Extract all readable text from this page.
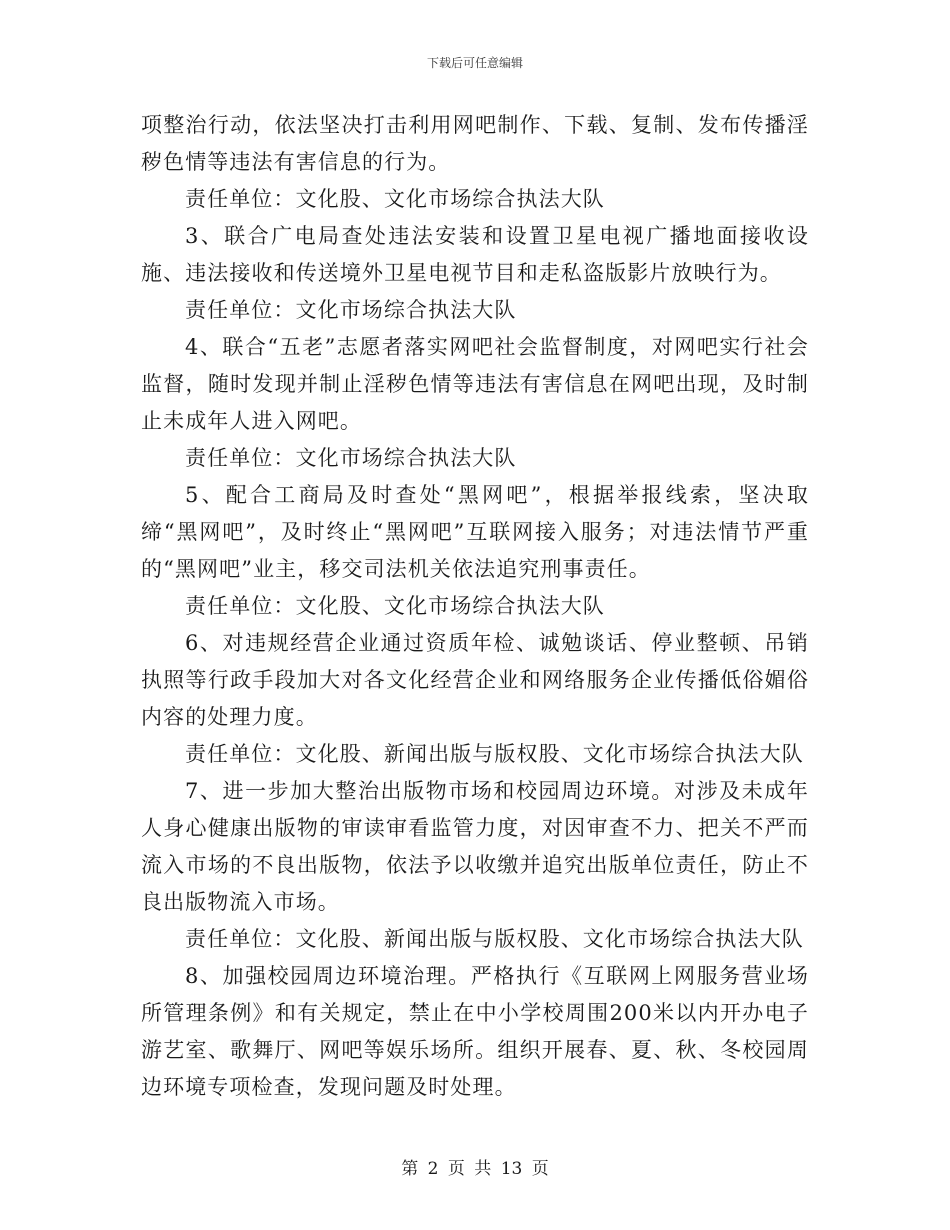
下载后可任意编辑

项整治行动，依法坚决打击利用网吧制作、下载、复制、发布传播淫秽色情等违法有害信息的行为。

责任单位：文化股、文化市场综合执法大队

3、联合广电局查处违法安装和设置卫星电视广播地面接收设施、违法接收和传送境外卫星电视节目和走私盗版影片放映行为。

责任单位：文化市场综合执法大队

4、联合“五老”志愿者落实网吧社会监督制度，对网吧实行社会监督，随时发现并制止淫秽色情等违法有害信息在网吧出现，及时制止未成年人进入网吧。

责任单位：文化市场综合执法大队

5、配合工商局及时查处“黑网吧”，根据举报线索，坚决取缔“黑网吧”，及时终止“黑网吧”互联网接入服务；对违法情节严重的“黑网吧”业主，移交司法机关依法追究刑事责任。

责任单位：文化股、文化市场综合执法大队

6、对违规经营企业通过资质年检、诚勉谈话、停业整顿、吊销执照等行政手段加大对各文化经营企业和网络服务企业传播低俗媚俗内容的处理力度。

责任单位：文化股、新闻出版与版权股、文化市场综合执法大队

7、进一步加大整治出版物市场和校园周边环境。对涉及未成年人身心健康出版物的审读审看监管力度，对因审查不力、把关不严而流入市场的不良出版物，依法予以收缴并追究出版单位责任，防止不良出版物流入市场。

责任单位：文化股、新闻出版与版权股、文化市场综合执法大队

8、加强校园周边环境治理。严格执行《互联网上网服务营业场所管理条例》和有关规定，禁止在中小学校周围200米以内开办电子游艺室、歌舞厅、网吧等娱乐场所。组织开展春、夏、秋、冬校园周边环境专项检查，发现问题及时处理。

第 2 页 共 13 页
